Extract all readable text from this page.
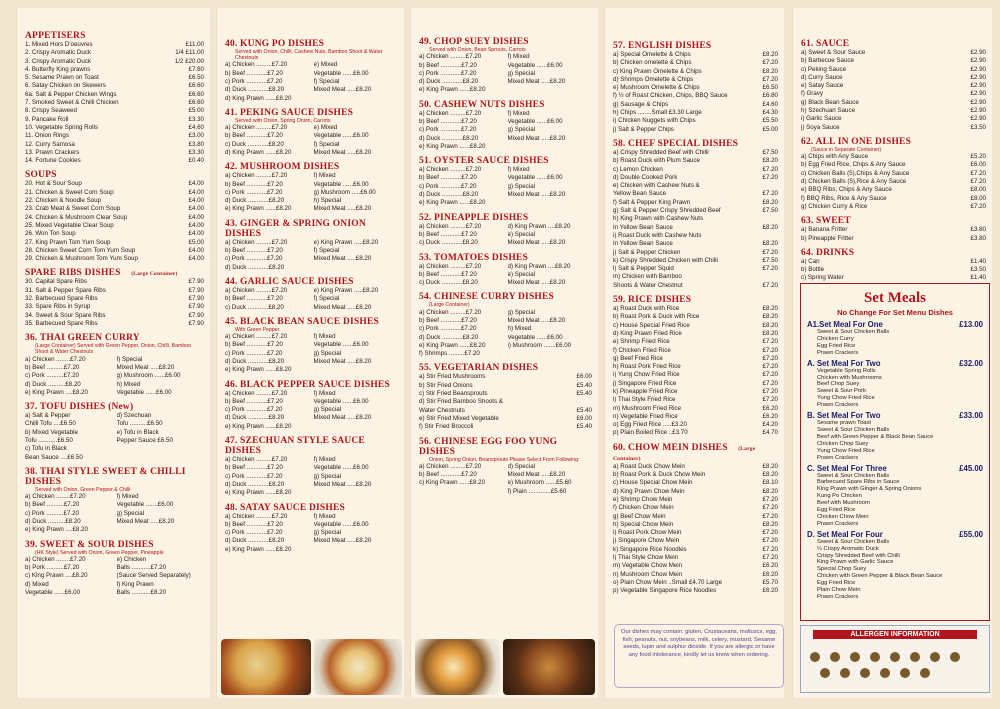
APPETISERS
1. Mixed Hors D'oeuvres	£11.00
2. Crispy Aromatic Duck	1/4 £11.00
3. Crispy Aromatic Duck	1/2 £20.00
4. Butterfly King prawns	£7.80
5. Sesame Prawn on Toast	£6.50
6. Satay Chicken on Skewers	£6.60
6a. Salt & Pepper Chicken Wings	£6.60
7. Smoked Sweet & Chilli Chicken	£6.60
8. Crispy Seaweed	£5.00
9. Pancake Roll	£3.30
10. Vegetable Spring Rolls	£4.60
11. Onion Rings	£3.00
12. Curry Samosa	£3.80
13. Prawn Crackers	£3.30
14. Fortune Cookies	£0.40
SOUPS
20. Hot & Sour Soup	£4.00
21. Chicken & Sweet Corn Soup	£4.00
22. Chicken & Noodle Soup	£4.00
23. Crab Meat & Sweet Corn Soup	£4.00
24. Chicken & Mushroom Clear Soup	£4.00
25. Mixed Vegetable Clear Soup	£4.00
26. Won Ton Soup	£4.00
27. King Prawn Tom Yum Soup	£5.00
28. Chicken Sweet Corn Tom Yum Soup	£4.00
29. Chicken & Mushroom Tom Yum Soup	£4.00
SPARE RIBS DISHES (Large Container)
30. Capital Spare Ribs	£7.90
31. Salt & Pepper Spare Ribs	£7.90
32. Barbecued Spare Ribs	£7.90
33. Spare Ribs in Syrup	£7.90
34. Sweet & Sour Spare Ribs	£7.90
35. Barbecued Spare Ribs	£7.90
36. THAI GREEN CURRY
(Large Container) Served with Green Pepper, Onion, Chilli, Bamboo Shoot & Water Chestnuts
a) Chicken ........£7.20	f) Special
b) Beef ..........£7.20	Mixed Meat .....£8.20
c) Pork ..........£7.20	g) Mushroom ......£6.00
d) Duck ..........£8.20	h) Mixed
e) King Prawn ....£8.20	Vegetable ......£6.00
37. TOFU DISHES (New)
a) Salt & Pepper	d) Szechuan
Chilli Tofu ....£6.50	Tofu ..........£6.50
b) Mixed Vegetable	e) Tofu in Black
Tofu ...........£6.50	Pepper Sauce £6.50
c) Tofu in Black
Bean Sauce ....£6.50
38. THAI STYLE SWEET & CHILLI DISHES
Served with Onion, Green Pepper & Chilli
a) Chicken ........£7.20	f) Mixed
b) Beef ..........£7.20	Vegetable .......£6.00
c) Pork ..........£7.20	g) Special
d) Duck ..........£8.20	Mixed Meat .....£8.20
e) King Prawn ....£8.20
39. SWEET & SOUR DISHES
(HK Style) Served with Onion, Green Pepper, Pineapple
a) Chicken ........£7.20	e) Chicken
b) Pork ..........£7.20	Balls ...........£7.20
c) King Prawn ....£8.20	(Sauce Served Separately)
d) Mixed	f) King Prawn
Vegetable ......£6.00	Balls ...........£8.20
40. KUNG PO DISHES
Served with Onion, Chilli, Cashew Nuts, Bamboo Shoot & Water Chestnuts
a) Chicken .........£7.20	e) Mixed
b) Beef ............£7.20	Vegetable ......£6.00
c) Pork ............£7.20	f) Special
d) Duck ............£8.20	Mixed Meat .....£8.20
d) King Prawn ......£8.20
41. PEKING SAUCE DISHES
Served with Onion, Spring Onion, Carrots
a) Chicken .........£7.20	e) Mixed
b) Beef ............£7.20	Vegetable ......£6.00
c) Duck ............£8.20	f) Special
d) King Prawn ......£8.20	Mixed Meat .....£8.20
42. MUSHROOM DISHES
a) Chicken .........£7.20	f) Mixed
b) Beef ............£7.20	Vegetable ......£6.00
c) Pork ............£7.20	g) Mushroom .....£6.00
d) Duck ............£8.20	h) Special
e) King Prawn ......£8.20	Mixed Meat .....£8.20
43. GINGER & SPRING ONION DISHES
a) Chicken .........£7.20	e) King Prawn .....£8.20
b) Beef ............£7.20	f) Special
c) Pork ............£7.20	Mixed Meat .....£8.20
d) Duck ............£8.20
44. GARLIC SAUCE DISHES
a) Chicken .........£7.20	e) King Prawn .....£8.20
b) Beef ............£7.20	f) Special
c) Duck ............£8.20	Mixed Meat .....£8.20
45. BLACK BEAN SAUCE DISHES
With Green Pepper
a) Chicken .........£7.20	f) Mixed
b) Beef ............£7.20	Vegetable ......£6.00
c) Pork ............£7.20	g) Special
d) Duck ............£8.20	Mixed Meat .....£8.20
e) King Prawn ......£8.20
46. BLACK PEPPER SAUCE DISHES
a) Chicken .........£7.20	f) Mixed
b) Beef ............£7.20	Vegetable ......£6.00
c) Pork ............£7.20	g) Special
d) Duck ............£8.20	Mixed Meat .....£8.20
e) King Prawn ......£8.20
47. SZECHUAN STYLE SAUCE DISHES
a) Chicken .........£7.20	f) Mixed
b) Beef ............£7.20	Vegetable ......£6.00
c) Pork ............£7.20	g) Special
d) Duck ............£8.20	Mixed Meat .....£8.20
e) King Prawn ......£8.20
48. SATAY SAUCE DISHES
a) Chicken .........£7.20	f) Mixed
b) Beef ............£7.20	Vegetable ......£6.00
c) Pork ............£7.20	g) Special
d) Duck ............£8.20	Mixed Meat .....£8.20
e) King Prawn ......£8.20
49. CHOP SUEY DISHES
Served with Onion, Bean Sprouts, Carrots
a) Chicken .........£7.20	f) Mixed
b) Beef ............£7.20	Vegetable ......£6.00
c) Pork ............£7.20	g) Special
d) Duck ............£8.20	Mixed Meat .....£8.20
e) King Prawn ......£8.20
50. CASHEW NUTS DISHES
a) Chicken .........£7.20	f) Mixed
b) Beef ............£7.20	Vegetable ......£6.00
c) Pork ............£7.20	g) Special
d) Duck ............£8.20	Mixed Meat .....£8.20
e) King Prawn ......£8.20
51. OYSTER SAUCE DISHES
a) Chicken .........£7.20	f) Mixed
b) Beef ............£7.20	Vegetable ......£6.00
c) Pork ............£7.20	g) Special
d) Duck ............£8.20	Mixed Meat .....£8.20
e) King Prawn ......£8.20
52. PINEAPPLE DISHES
a) Chicken .........£7.20	d) King Prawn ....£8.20
b) Beef ............£7.20	e) Special
c) Duck ............£8.20	Mixed Meat .....£8.20
53. TOMATOES DISHES
a) Chicken .........£7.20	d) King Prawn ....£8.20
b) Beef ............£7.20	e) Special
c) Duck ............£8.20	Mixed Meat .....£8.20
54. CHINESE CURRY DISHES
(Large Container)
a) Chicken .........£7.20	g) Special
b) Beef ............£7.20	Mixed Meat .....£8.20
c) Pork ............£7.20	h) Mixed
d) Duck ............£8.20	Vegetable ......£6.00
e) King Prawn ......£8.20	i) Mushroom .......£6.00
f) Shrimps .........£7.20
55. VEGETARIAN DISHES
a) Stir Fried Mushrooms	£6.00
b) Stir Fried Onions	£5.40
c) Stir Fried Beansprouts	£5.40
d) Stir Fried Bamboo Shoots &
Water Chestnuts	£5.40
e) Stir Fried Mixed Vegetable	£6.00
f) Stir Fried Broccoli	£5.40
56. CHINESE EGG FOO YUNG DISHES
Onion, Spring Onion, Beansprouts Please Select From Following:
a) Chicken .........£7.20	d) Special
b) Beef ............£7.20	Mixed Meat .....£8.20
c) King Prawn ......£8.20	e) Mushroom ......£5.60
f) Plain .............£5.60
57. ENGLISH DISHES
a) Special Omelette & Chips	£8.20
b) Chicken omelette & Chips	£7.20
c) King Prawn Omelette & Chips	£8.20
d) Shrimps Omelette & Chips	£7.20
e) Mushroom Omelette & Chips	£6.50
f) ½ of Roast Chicken, Chips, BBQ Sauce	£6.80
g) Sausage & Chips	£4.60
h) Chips ........Small £3.30 Large	£4.30
i) Chicken Nuggets with Chips	£5.50
j) Salt & Pepper Chips	£5.00
58. CHEF SPECIAL DISHES
a) Crispy Shredded Beef with Chilli	£7.50
b) Roast Duck with Plum Sauce	£8.20
c) Lemon Chicken	£7.20
d) Double Cooked Pork	£7.20
e) Chicken with Cashew Nuts &
Yellow Bean Sauce	£7.20
f) Salt & Pepper King Prawn	£8.20
g) Salt & Pepper Crispy Shredded Beef	£7.50
h) King Prawn with Cashew Nuts
In Yellow Bean Sauce	£8.20
i) Roast Duck with Cashew Nuts
In Yellow Bean Sauce	£8.20
j) Salt & Pepper Chicken	£7.20
k) Crispy Shredded Chicken with Chilli	£7.50
l) Salt & Pepper Squid	£7.20
m) Chicken with Bamboo
Shoots & Water Chestnut	£7.20
59. RICE DISHES
a) Roast Duck with Rice	£8.20
b) Roast Pork & Duck with Rice	£8.20
c) House Special Fried Rice	£8.20
d) King Prawn Fried Rice	£8.20
e) Shrimp Fried Rice	£7.20
f) Chicken Fried Rice	£7.20
g) Beef Fried Rice	£7.20
h) Roast Pork Fried Rice	£7.20
i) Yung Chow Fried Rice	£7.20
j) Singapore Fried Rice	£7.20
k) Pineapple Fried Rice	£7.20
l) Thai Style Fried Rice	£7.20
m) Mushroom Fried Rice	£6.20
n) Vegetable Fried Rice	£6.20
o) Egg Fried Rice .....£3.20	£4.20
p) Plain Boiled Rice ..£3.70	£4.70
60. CHOW MEIN DISHES (Large Container)
a) Roast Duck Chow Mein	£8.20
b) Roast Pork & Duck Chow Mein	£8.20
c) House Special Chow Mein	£8.10
d) King Prawn Chow Mein	£8.20
e) Shrimp Chow Mein	£7.20
f) Chicken Chow Mein	£7.20
g) Beef Chow Mein	£7.20
h) Special Chow Mein	£8.20
i) Roast Pork Chow Mein	£7.20
j) Singapore Chow Mein	£7.20
k) Singapore Rice Noodles	£7.20
l) Thai Style Chow Mein	£7.20
m) Vegetable Chow Mein	£6.20
n) Mushroom Chow Mein	£6.20
o) Plain Chow Mein ..Small £4.70 Large	£5.70
p) Vegetable Singapore Rice Noodles	£6.20
Our dishes may contain: gluten, Crustaceans, molluscs, egg, fish, peanuts, nut, soybeans, milk, celery, mustard, Sesame seeds, lupin and sulphur dioxide. If you are allergic or have any food intolerance, kindly let us know when ordering.
61. SAUCE
a) Sweet & Sour Sauce	£2.90
b) Barbecue Sauce	£2.90
c) Peking Sauce	£2.90
d) Curry Sauce	£2.90
e) Satay Sauce	£2.90
f) Gravy	£2.90
g) Black Bean Sauce	£2.90
h) Szechuan Sauce	£2.90
i) Garlic Sauce	£2.90
j) Soya Sauce	£3.50
62. ALL IN ONE DISHES
(Sauce in Separate Container)
a) Chips with Any Sauce	£5.20
b) Egg Fried Rice, Chips & Any Sauce	£6.00
c) Chicken Balls (5),Chips & Any Sauce	£7.20
d) Chicken Balls (5),Rice & Any Sauce	£7.20
e) BBQ Ribs, Chips & Any Sauce	£8.00
f) BBQ Ribs, Rice & Any Sauce	£8.00
g) Chicken Curry & Rice	£7.20
63. SWEET
a) Banana Fritter	£3.80
b) Pineapple Fritter	£3.80
64. DRINKS
a) Can	£1.40
b) Bottle	£3.50
c) Spring Water	£1.40
Set Meals
No Change For Set Menu Dishes
A1.Set Meal For One	£13.00
Sweet & Sour Chicken Balls
Chicken Curry
Egg Fried Rice
Prawn Crackers
A. Set Meal For Two	£32.00
Vegetable Spring Rolls
Chicken with Mushrooms
Beef Chop Suey
Sweet & Sour Pork
Yung Chow Fried Rice
Prawn Crackers
B. Set Meal For Two	£33.00
Sesame prawn Toast
Sweet & Sour Chicken Balls
Beef with Green Pepper & Black Bean Sauce
Chicken Chop Suey
Yung Chow Fried Rice
Prawn Crackers
C. Set Meal For Three	£45.00
Sweet & Sour Chicken Balls
Barbecued Spare Ribs in Sauce
King Prawn with Ginger & Spring Onions
Kung Po Chicken
Beef with Mushroom
Egg Fried Rice
Chicken Chow Mein
Prawn Crackers
D. Set Meal For Four	£55.00
Sweet & Sour Chicken Balls
¼ Crispy Aromatic Duck
Crispy Shredded Beef with Chilli
King Prawn with Garlic Sauce
Special Chop Suey
Chicken with Green Pepper & Black Bean Sauce
Egg Fried Rice
Plain Chow Mein
Prawn Crackers
ALLERGEN INFORMATION
